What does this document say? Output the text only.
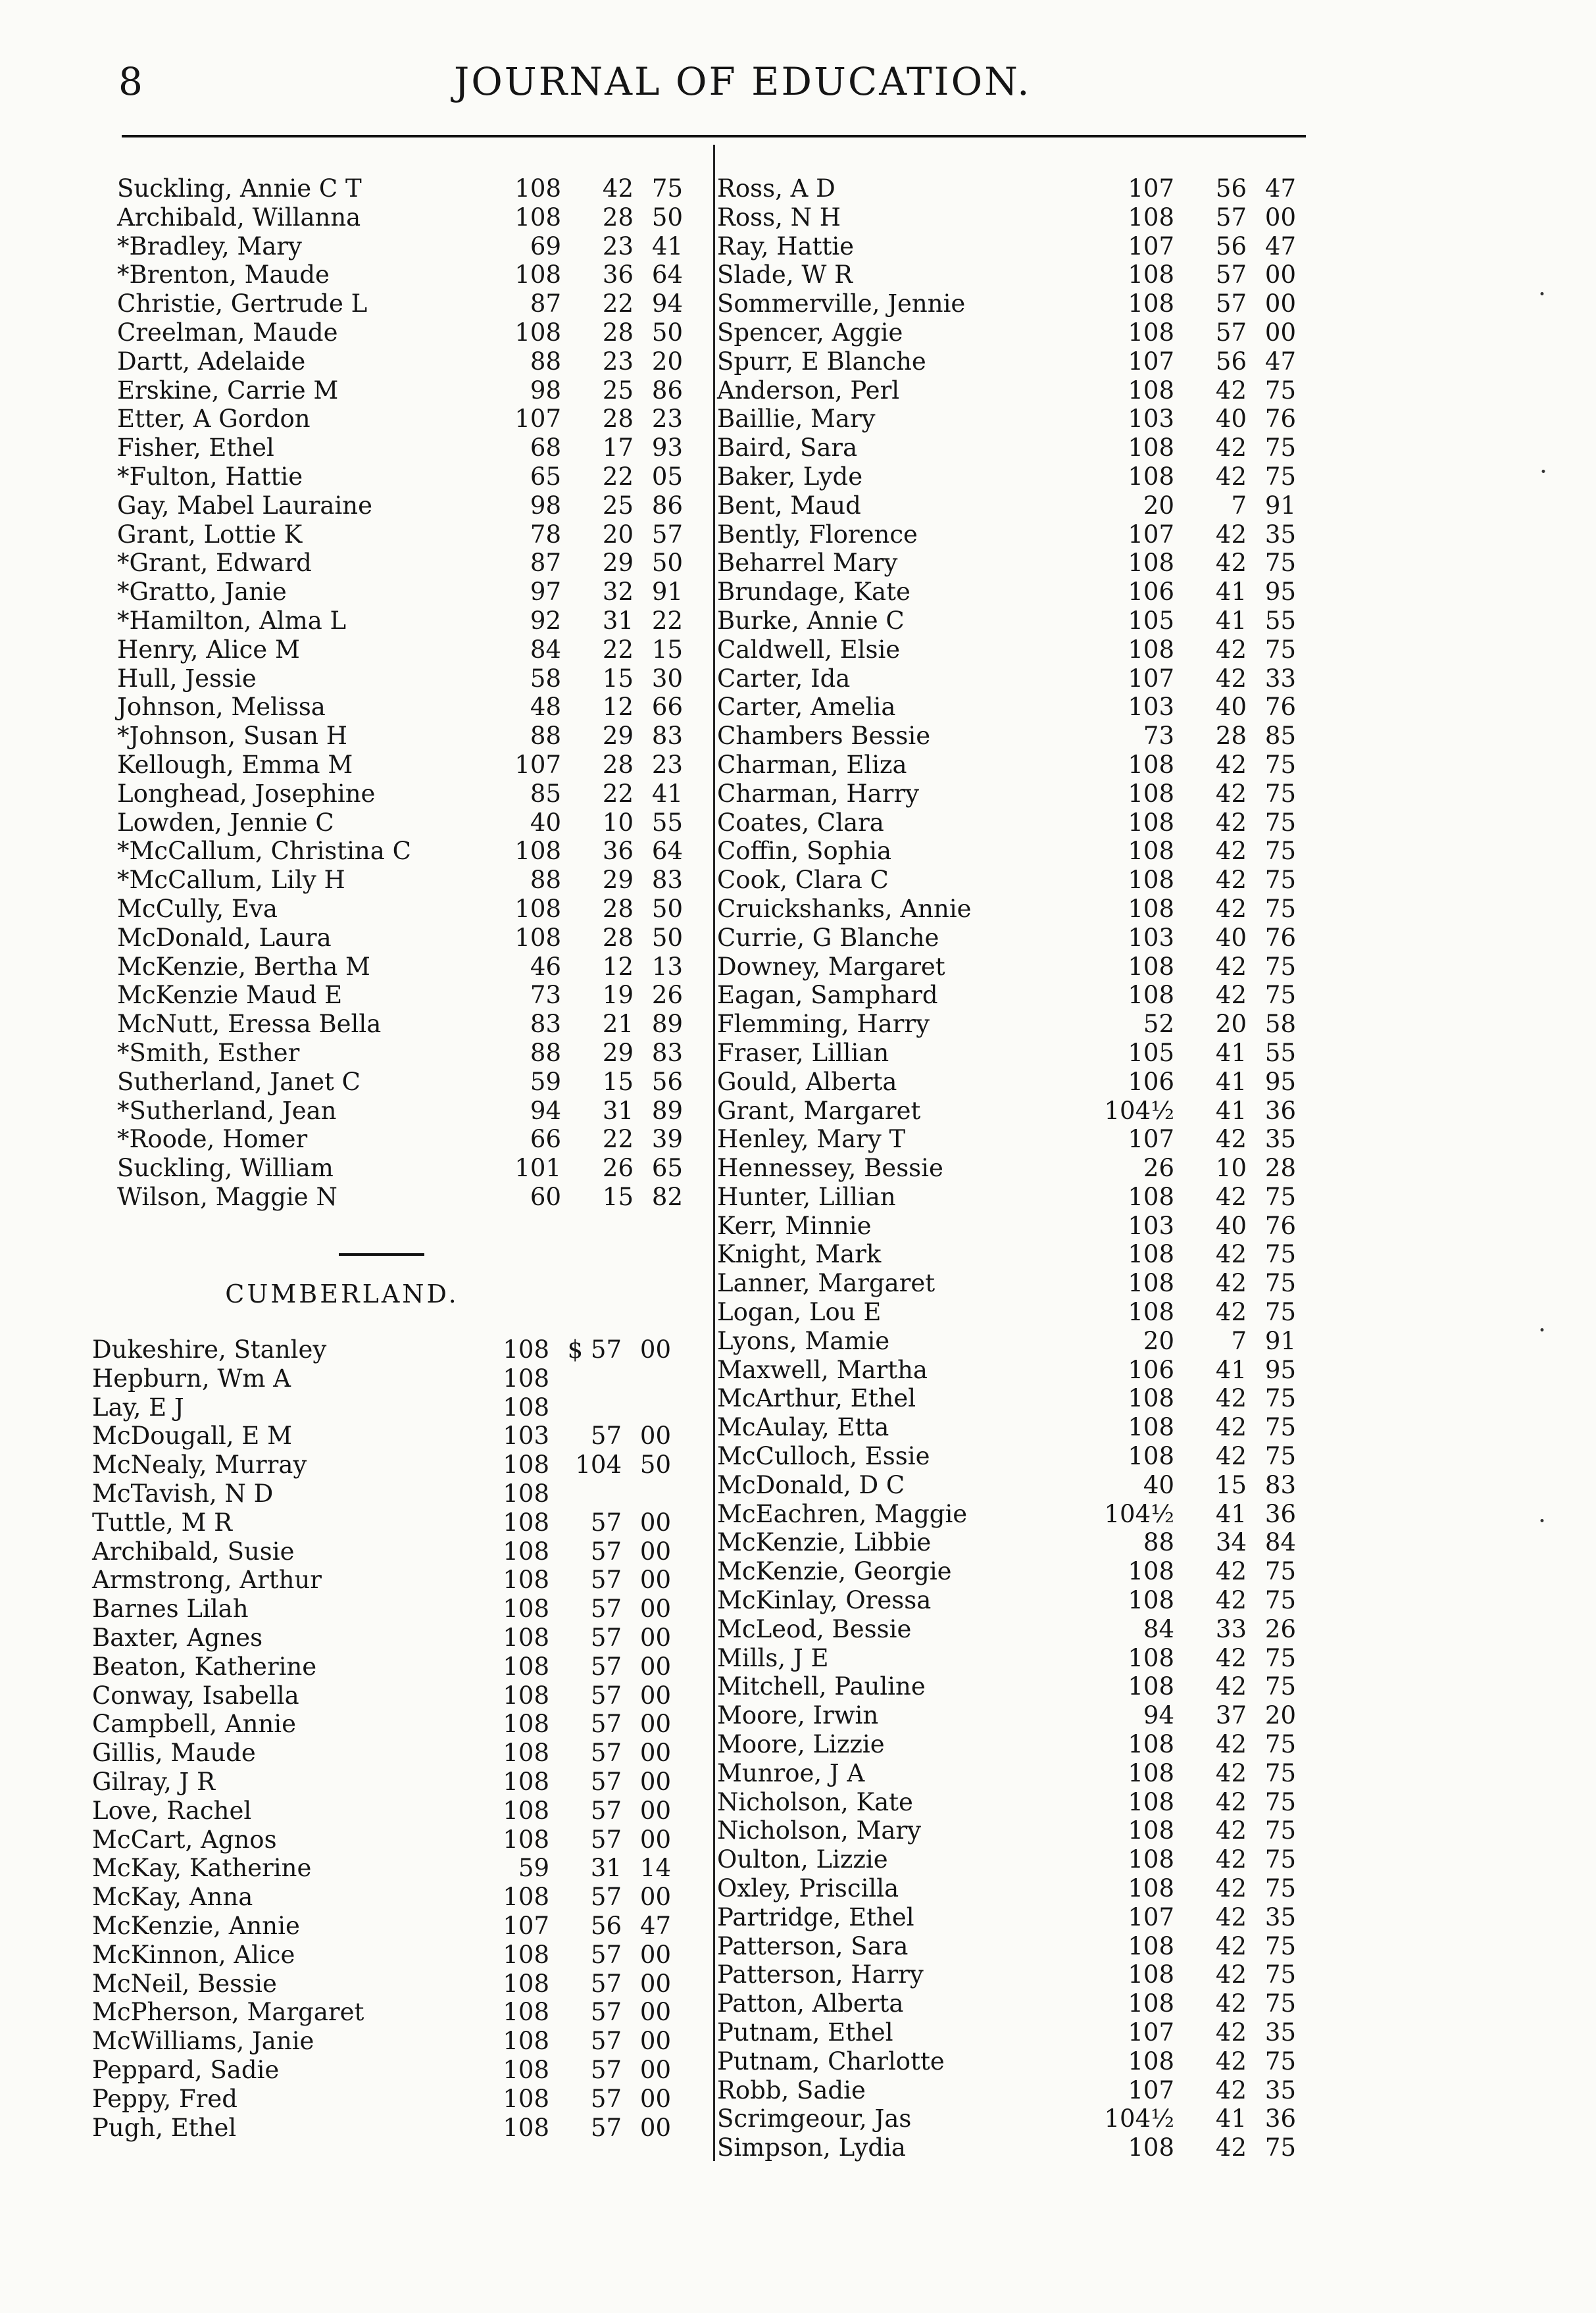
8	JOURNAL OF EDUCATION.
Suckling, Annie C T	108 42 75
Archibald, Willanna	108 28 50
*Bradley, Mary	69 23 41
*Brenton, Maude	108 36 64
Christie, Gertrude L	87 22 94
Creelman, Maude	108 28 50
Dartt, Adelaide	88 23 20
Erskine, Carrie M	98 25 86
Etter, A Gordon	107 28 23
Fisher, Ethel	68 17 93
*Fulton, Hattie	65 22 05
Gay, Mabel Lauraine	98 25 86
Grant, Lottie K	78 20 57
*Grant, Edward	87 29 50
*Gratto, Janie	97 32 91
*Hamilton, Alma L	92 31 22
Henry, Alice M	84 22 15
Hull, Jessie	58 15 30
Johnson, Melissa	48 12 66
*Johnson, Susan H	88 29 83
Kellough, Emma M	107 28 23
Longhead, Josephine	85 22 41
Lowden, Jennie C	40 10 55
*McCallum, Christina C	108 36 64
*McCallum, Lily H	88 29 83
McCully, Eva	108 28 50
McDonald, Laura	108 28 50
McKenzie, Bertha M	46 12 13
McKenzie Maud E	73 19 26
McNutt, Eressa Bella	83 21 89
*Smith, Esther	88 29 83
Sutherland, Janet C	59 15 56
*Sutherland, Jean	94 31 89
*Roode, Homer	66 22 39
Suckling, William	101 26 65
Wilson, Maggie N	60 15 82
CUMBERLAND.
Dukeshire, Stanley	108 $ 57 00
Hepburn, Wm A	108
Lay, E J	108
McDougall, E M	103 57 00
McNealy, Murray	108 104 50
McTavish, N D	108
Tuttle, M R	108 57 00
Archibald, Susie	108 57 00
Armstrong, Arthur	108 57 00
Barnes Lilah	108 57 00
Baxter, Agnes	108 57 00
Beaton, Katherine	108 57 00
Conway, Isabella	108 57 00
Campbell, Annie	108 57 00
Gillis, Maude	108 57 00
Gilray, J R	108 57 00
Love, Rachel	108 57 00
McCart, Agnos	108 57 00
McKay, Katherine	59 31 14
McKay, Anna	108 57 00
McKenzie, Annie	107 56 47
McKinnon, Alice	108 57 00
McNeil, Bessie	108 57 00
McPherson, Margaret	108 57 00
McWilliams, Janie	108 57 00
Peppard, Sadie	108 57 00
Peppy, Fred	108 57 00
Pugh, Ethel	108 57 00
Ross, A D	107 56 47
Ross, N H	108 57 00
Ray, Hattie	107 56 47
Slade, W R	108 57 00
Sommerville, Jennie	108 57 00
Spencer, Aggie	108 57 00
Spurr, E Blanche	107 56 47
Anderson, Perl	108 42 75
Baillie, Mary	103 40 76
Baird, Sara	108 42 75
Baker, Lyde	108 42 75
Bent, Maud	20 7 91
Bently, Florence	107 42 35
Beharrel Mary	108 42 75
Brundage, Kate	106 41 95
Burke, Annie C	105 41 55
Caldwell, Elsie	108 42 75
Carter, Ida	107 42 33
Carter, Amelia	103 40 76
Chambers Bessie	73 28 85
Charman, Eliza	108 42 75
Charman, Harry	108 42 75
Coates, Clara	108 42 75
Coffin, Sophia	108 42 75
Cook, Clara C	108 42 75
Cruickshanks, Annie	108 42 75
Currie, G Blanche	103 40 76
Downey, Margaret	108 42 75
Eagan, Samphard	108 42 75
Flemming, Harry	52 20 58
Fraser, Lillian	105 41 55
Gould, Alberta	106 41 95
Grant, Margaret	104½ 41 36
Henley, Mary T	107 42 35
Hennessey, Bessie	26 10 28
Hunter, Lillian	108 42 75
Kerr, Minnie	103 40 76
Knight, Mark	108 42 75
Lanner, Margaret	108 42 75
Logan, Lou E	108 42 75
Lyons, Mamie	20 7 91
Maxwell, Martha	106 41 95
McArthur, Ethel	108 42 75
McAulay, Etta	108 42 75
McCulloch, Essie	108 42 75
McDonald, D C	40 15 83
McEachren, Maggie	104½ 41 36
McKenzie, Libbie	88 34 84
McKenzie, Georgie	108 42 75
McKinlay, Oressa	108 42 75
McLeod, Bessie	84 33 26
Mills, J E	108 42 75
Mitchell, Pauline	108 42 75
Moore, Irwin	94 37 20
Moore, Lizzie	108 42 75
Munroe, J A	108 42 75
Nicholson, Kate	108 42 75
Nicholson, Mary	108 42 75
Oulton, Lizzie	108 42 75
Oxley, Priscilla	108 42 75
Partridge, Ethel	107 42 35
Patterson, Sara	108 42 75
Patterson, Harry	108 42 75
Patton, Alberta	108 42 75
Putnam, Ethel	107 42 35
Putnam, Charlotte	108 42 75
Robb, Sadie	107 42 35
Scrimgeour, Jas	104½ 41 36
Simpson, Lydia	108 42 75
·
·
·
·
